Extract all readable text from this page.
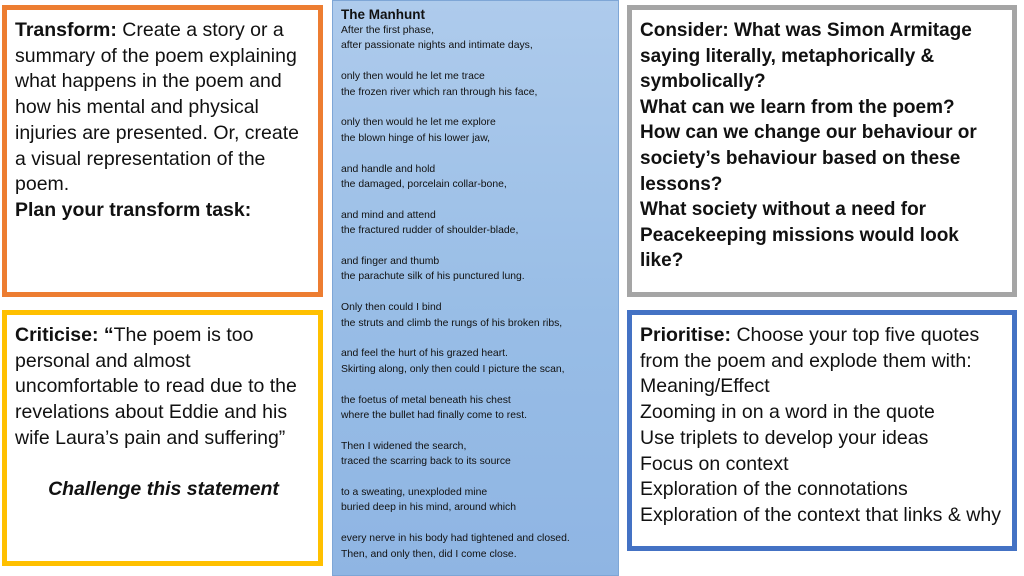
Transform: Create a story or a summary of the poem explaining what happens in the poem and how his mental and physical injuries are presented. Or, create a visual representation of the poem.

Plan your transform task:

Criticise: “The poem is too personal and almost uncomfortable to read due to the revelations about Eddie and his wife Laura’s pain and suffering”

Challenge this statement

The Manhunt
After the first phase,
after passionate nights and intimate days,
only then would he let me trace
the frozen river which ran through his face,
only then would he let me explore
the blown hinge of his lower jaw,
and handle and hold
the damaged, porcelain collar-bone,
and mind and attend
the fractured rudder of shoulder-blade,
and finger and thumb
the parachute silk of his punctured lung.
Only then could I bind
the struts and climb the rungs of his broken ribs,
and feel the hurt of his grazed heart.
Skirting along, only then could I picture the scan,
the foetus of metal beneath his chest
where the bullet had finally come to rest.
Then I widened the search,
traced the scarring back to its source
to a sweating, unexploded mine
buried deep in his mind, around which
every nerve in his body had tightened and closed.
Then, and only then, did I come close.

Consider: What was Simon Armitage saying literally, metaphorically & symbolically?

What can we learn from the poem?

How can we change our behaviour or society’s behaviour based on these lessons?

What society without a need for Peacekeeping missions would look like?

Prioritise: Choose your top five quotes from the poem and explode them with:

Meaning/Effect

Zooming in on a word in the quote

Use triplets to develop your ideas

Focus on context

Exploration of the connotations

Exploration of the context that links & why
